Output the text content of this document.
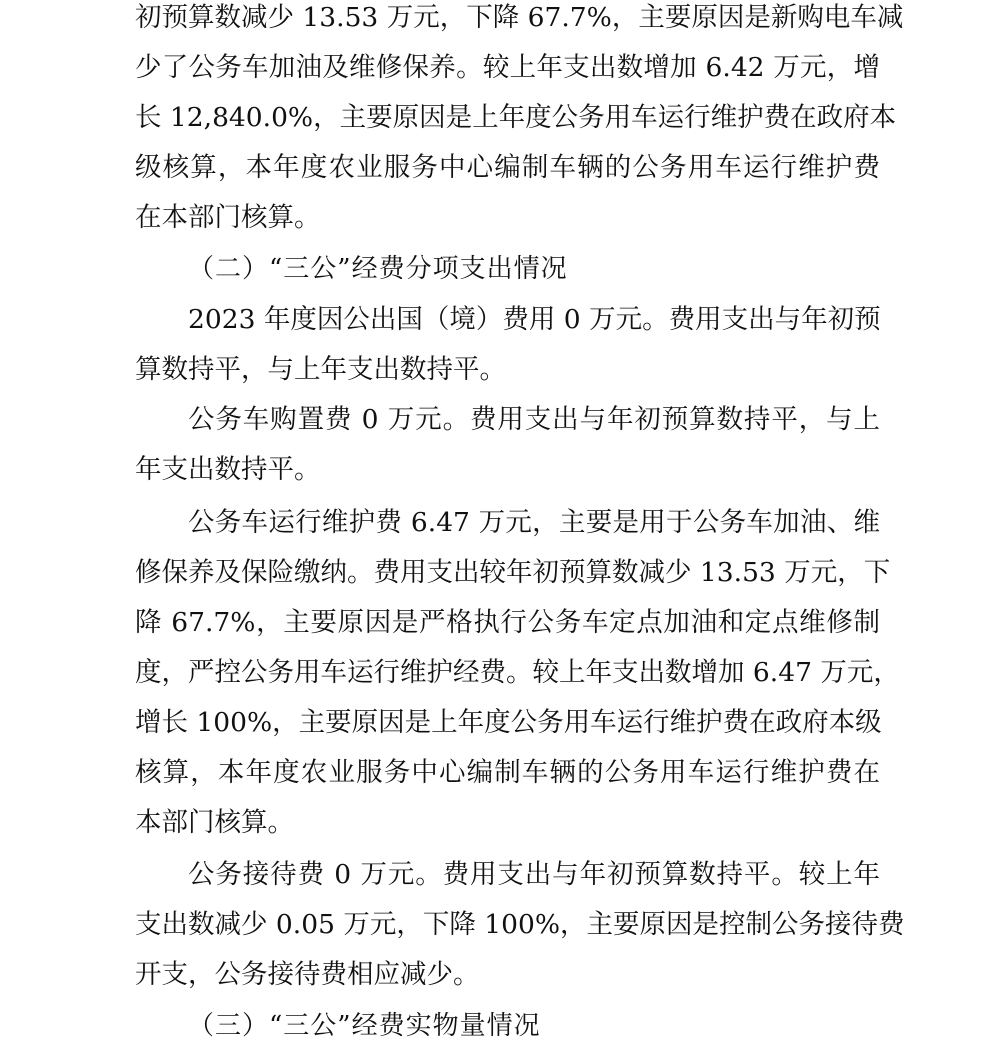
初预算数减少 13.53 万元，下降 67.7%，主要原因是新购电车减
少了公务车加油及维修保养。较上年支出数增加 6.42 万元，增
长 12,840.0%，主要原因是上年度公务用车运行维护费在政府本
级核算，本年度农业服务中心编制车辆的公务用车运行维护费
在本部门核算。
（二）“三公”经费分项支出情况
2023 年度因公出国（境）费用 0 万元。费用支出与年初预
算数持平，与上年支出数持平。
公务车购置费 0 万元。费用支出与年初预算数持平，与上
年支出数持平。
公务车运行维护费 6.47 万元，主要是用于公务车加油、维
修保养及保险缴纳。费用支出较年初预算数减少 13.53 万元，下
降 67.7%，主要原因是严格执行公务车定点加油和定点维修制
度，严控公务用车运行维护经费。较上年支出数增加 6.47 万元，
增长 100%，主要原因是上年度公务用车运行维护费在政府本级
核算，本年度农业服务中心编制车辆的公务用车运行维护费在
本部门核算。
公务接待费 0 万元。费用支出与年初预算数持平。较上年
支出数减少 0.05 万元，下降 100%，主要原因是控制公务接待费
开支，公务接待费相应减少。
（三）“三公”经费实物量情况
